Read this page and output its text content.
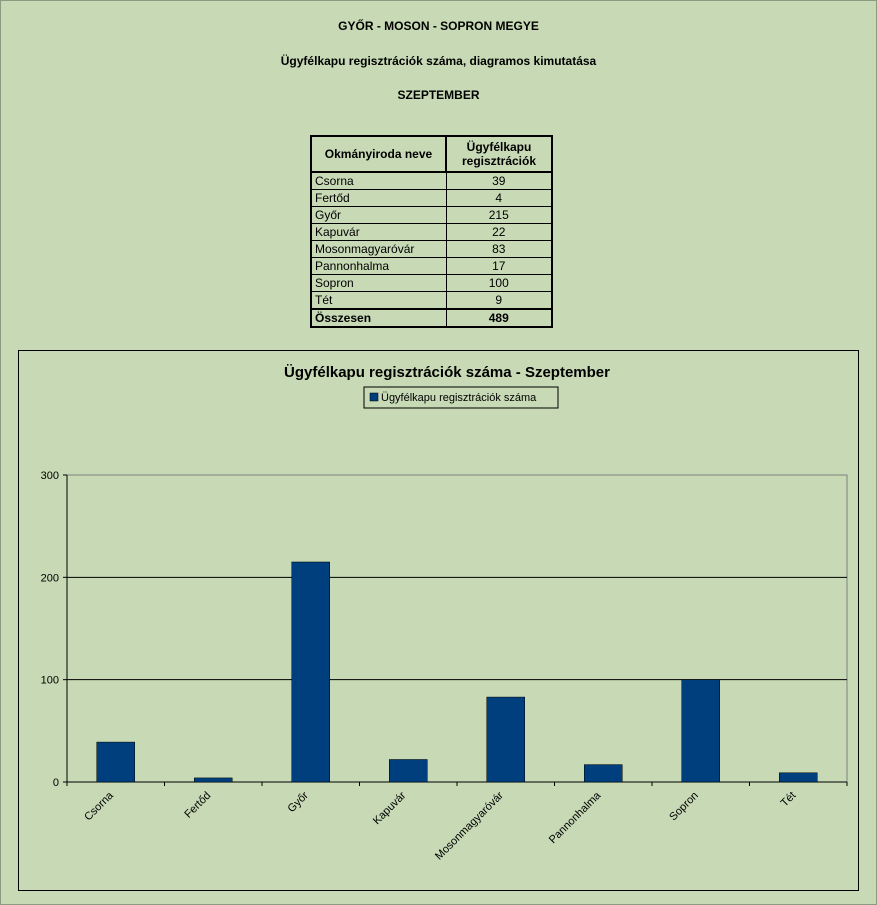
GYŐR - MOSON - SOPRON MEGYE
Ügyfélkapu regisztrációk száma, diagramos kimutatása
SZEPTEMBER
Okmányiroda neve	Ügyfélkapu
regisztrációk
Csorna	39
Fertőd	4
Győr	215
Kapuvár	22
Mosonmagyaróvár	83
Pannonhalma	17
Sopron	100
Tét	9
Összesen	489
Ügyfélkapu regisztrációk száma - Szeptember
Ügyfélkapu regisztrációk száma
0
100
200
300
Csorna	Fertőd	Győr	Kapuvár Mosonmagyaróvár	Pannonhalma	Sopron	Tét
